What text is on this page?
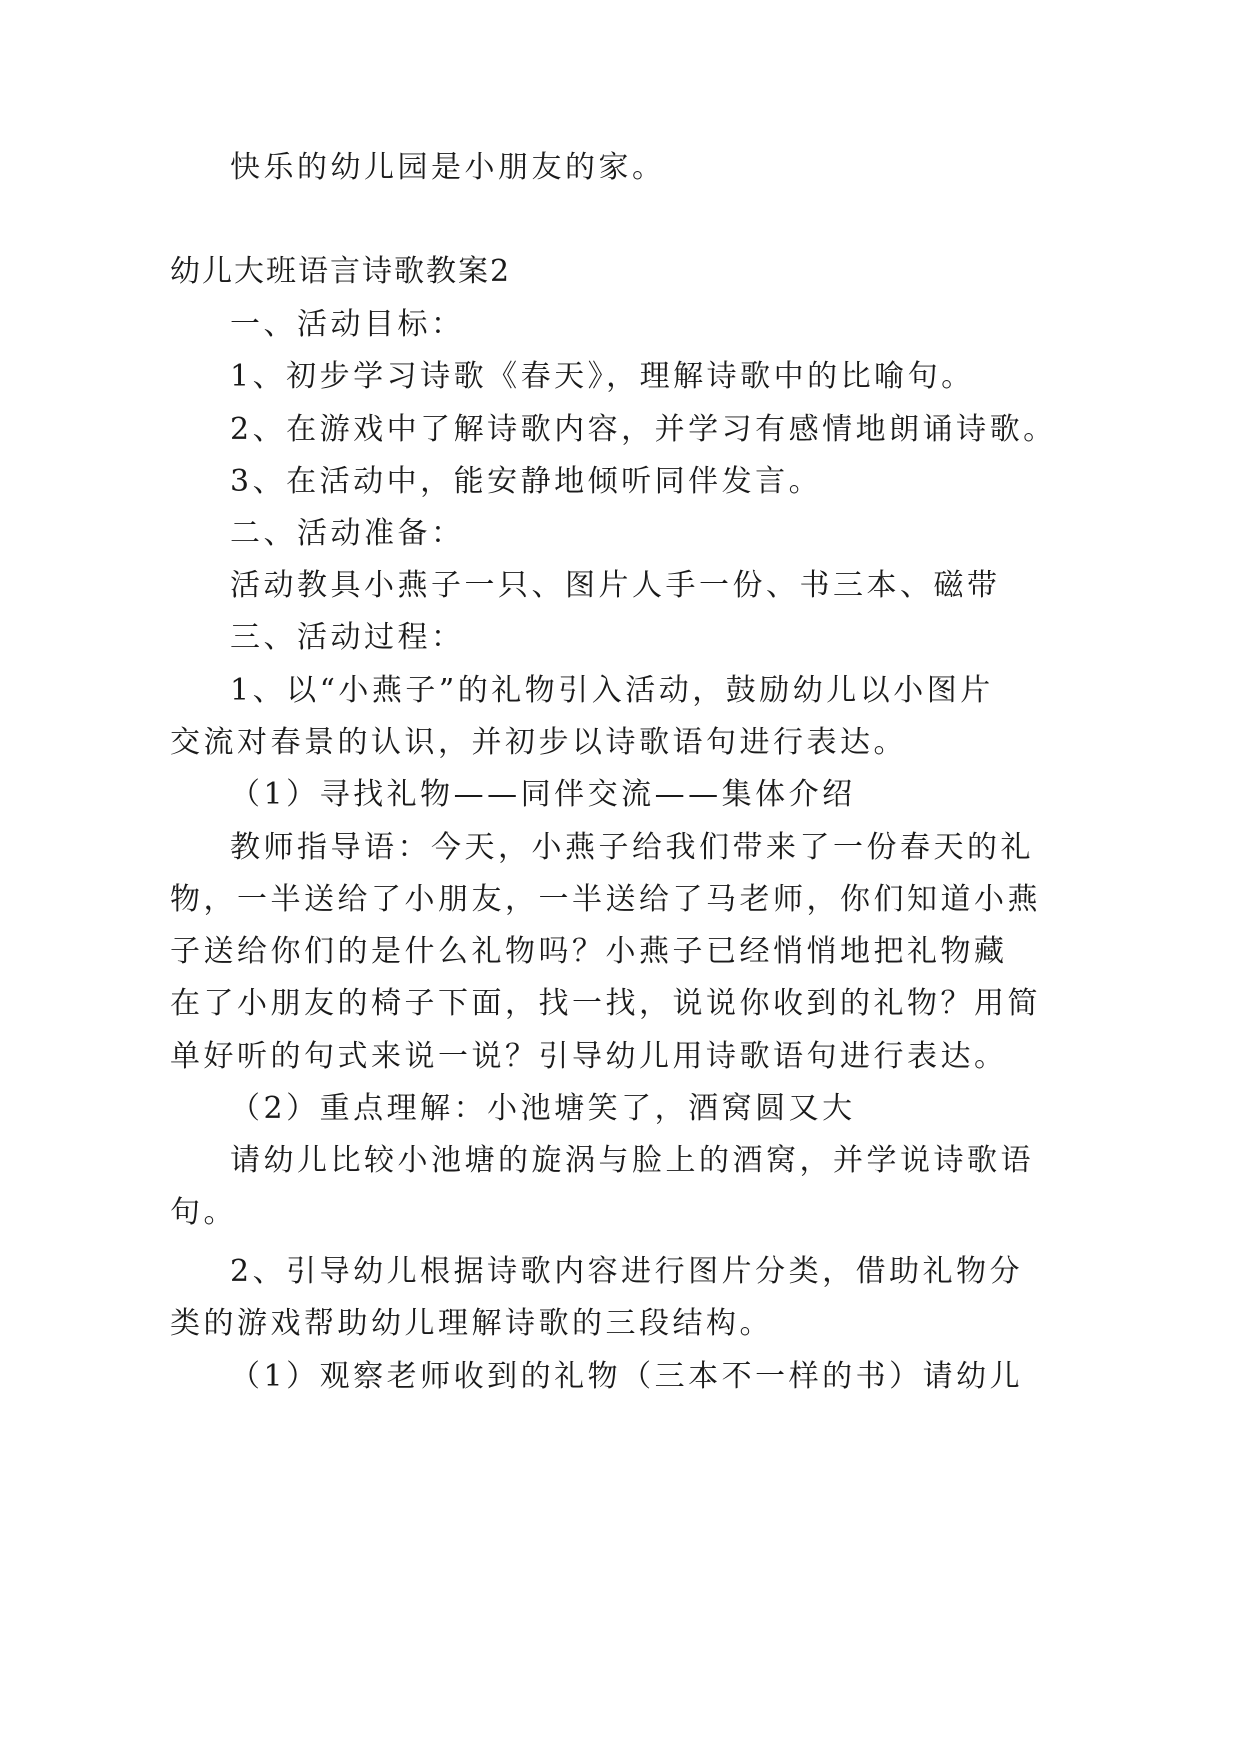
快乐的幼儿园是小朋友的家。
幼儿大班语言诗歌教案2
一、活动目标：
1、初步学习诗歌《春天》，理解诗歌中的比喻句。
2、在游戏中了解诗歌内容，并学习有感情地朗诵诗歌。
3、在活动中，能安静地倾听同伴发言。
二、活动准备：
活动教具小燕子一只、图片人手一份、书三本、磁带
三、活动过程：
1、以“小燕子”的礼物引入活动，鼓励幼儿以小图片
交流对春景的认识，并初步以诗歌语句进行表达。
（1）寻找礼物——同伴交流——集体介绍
教师指导语：今天，小燕子给我们带来了一份春天的礼
物，一半送给了小朋友，一半送给了马老师，你们知道小燕
子送给你们的是什么礼物吗？小燕子已经悄悄地把礼物藏
在了小朋友的椅子下面，找一找，说说你收到的礼物？用简
单好听的句式来说一说？引导幼儿用诗歌语句进行表达。
（2）重点理解：小池塘笑了，酒窝圆又大
请幼儿比较小池塘的旋涡与脸上的酒窝，并学说诗歌语
句。
2、引导幼儿根据诗歌内容进行图片分类，借助礼物分
类的游戏帮助幼儿理解诗歌的三段结构。
（1）观察老师收到的礼物（三本不一样的书）请幼儿
